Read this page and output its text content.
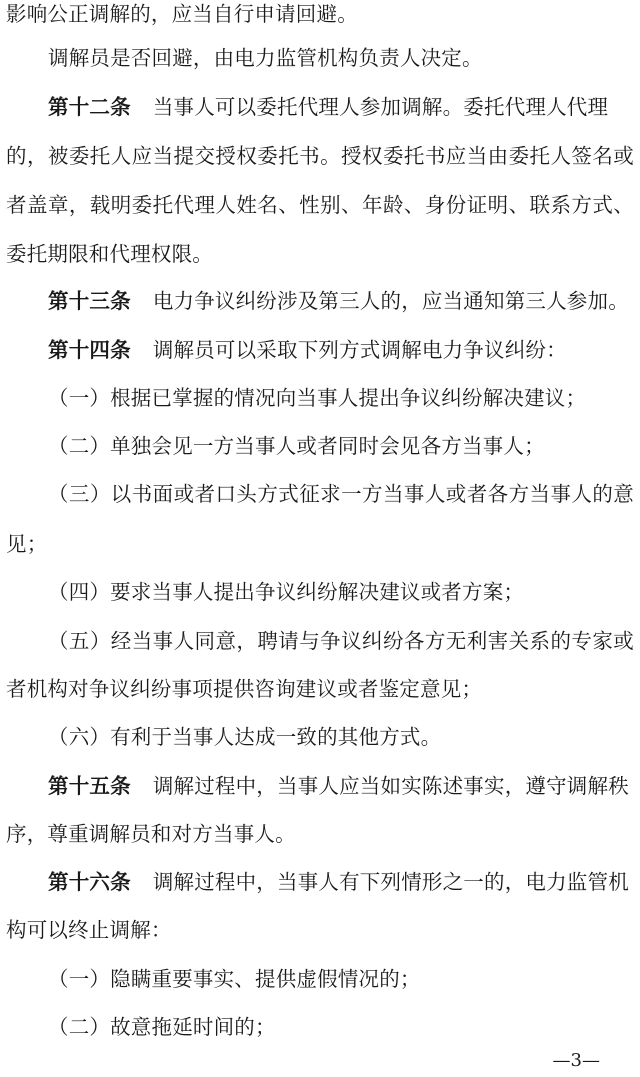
影响公正调解的，应当自行申请回避。
调解员是否回避，由电力监管机构负责人决定。
第十二条 当事人可以委托代理人参加调解。委托代理人代理
的，被委托人应当提交授权委托书。授权委托书应当由委托人签名或
者盖章，载明委托代理人姓名、性别、年龄、身份证明、联系方式、
委托期限和代理权限。
第十三条 电力争议纠纷涉及第三人的，应当通知第三人参加。
第十四条 调解员可以采取下列方式调解电力争议纠纷：
（一）根据已掌握的情况向当事人提出争议纠纷解决建议；
（二）单独会见一方当事人或者同时会见各方当事人；
（三）以书面或者口头方式征求一方当事人或者各方当事人的意
见；
（四）要求当事人提出争议纠纷解决建议或者方案；
（五）经当事人同意，聘请与争议纠纷各方无利害关系的专家或
者机构对争议纠纷事项提供咨询建议或者鉴定意见；
（六）有利于当事人达成一致的其他方式。
第十五条 调解过程中，当事人应当如实陈述事实，遵守调解秩
序，尊重调解员和对方当事人。
第十六条 调解过程中，当事人有下列情形之一的，电力监管机
构可以终止调解：
（一）隐瞒重要事实、提供虚假情况的；
（二）故意拖延时间的；
—3—
